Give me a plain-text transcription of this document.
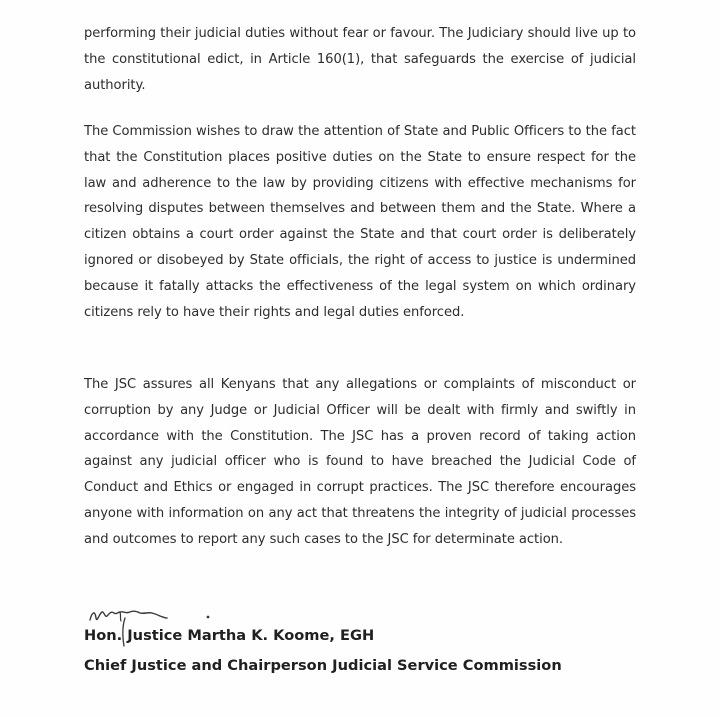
performing their judicial duties without fear or favour. The Judiciary should live up to the constitutional edict, in Article 160(1), that safeguards the exercise of judicial authority.

The Commission wishes to draw the attention of State and Public Officers to the fact that the Constitution places positive duties on the State to ensure respect for the law and adherence to the law by providing citizens with effective mechanisms for resolving disputes between themselves and between them and the State. Where a citizen obtains a court order against the State and that court order is deliberately ignored or disobeyed by State officials, the right of access to justice is undermined because it fatally attacks the effectiveness of the legal system on which ordinary citizens rely to have their rights and legal duties enforced.

The JSC assures all Kenyans that any allegations or complaints of misconduct or corruption by any Judge or Judicial Officer will be dealt with firmly and swiftly in accordance with the Constitution. The JSC has a proven record of taking action against any judicial officer who is found to have breached the Judicial Code of Conduct and Ethics or engaged in corrupt practices. The JSC therefore encourages anyone with information on any act that threatens the integrity of judicial processes and outcomes to report any such cases to the JSC for determinate action.

Hon. Justice Martha K. Koome, EGH

Chief Justice and Chairperson Judicial Service Commission
